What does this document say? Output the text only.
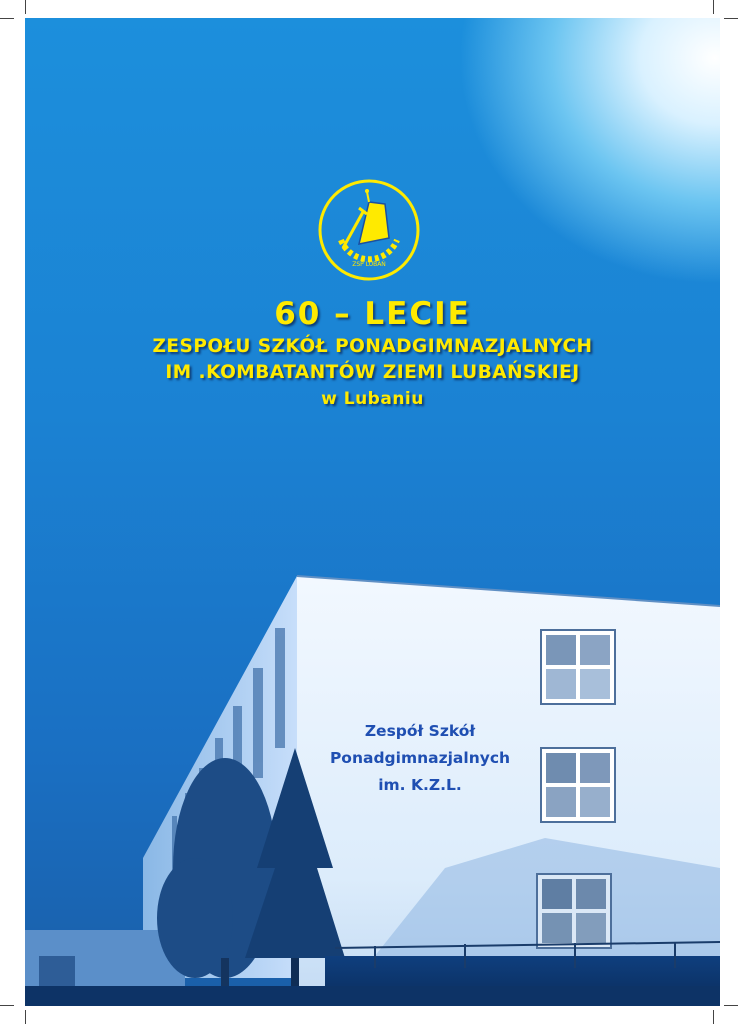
ZSP LUBAŃ
60 – LECIE
ZESPOŁU SZKÓŁ PONADGIMNAZJALNYCH
IM .KOMBATANTÓW ZIEMI LUBAŃSKIEJ
w Lubaniu
Zespół Szkół
Ponadgimnazjalnych
im. K.Z.L.
